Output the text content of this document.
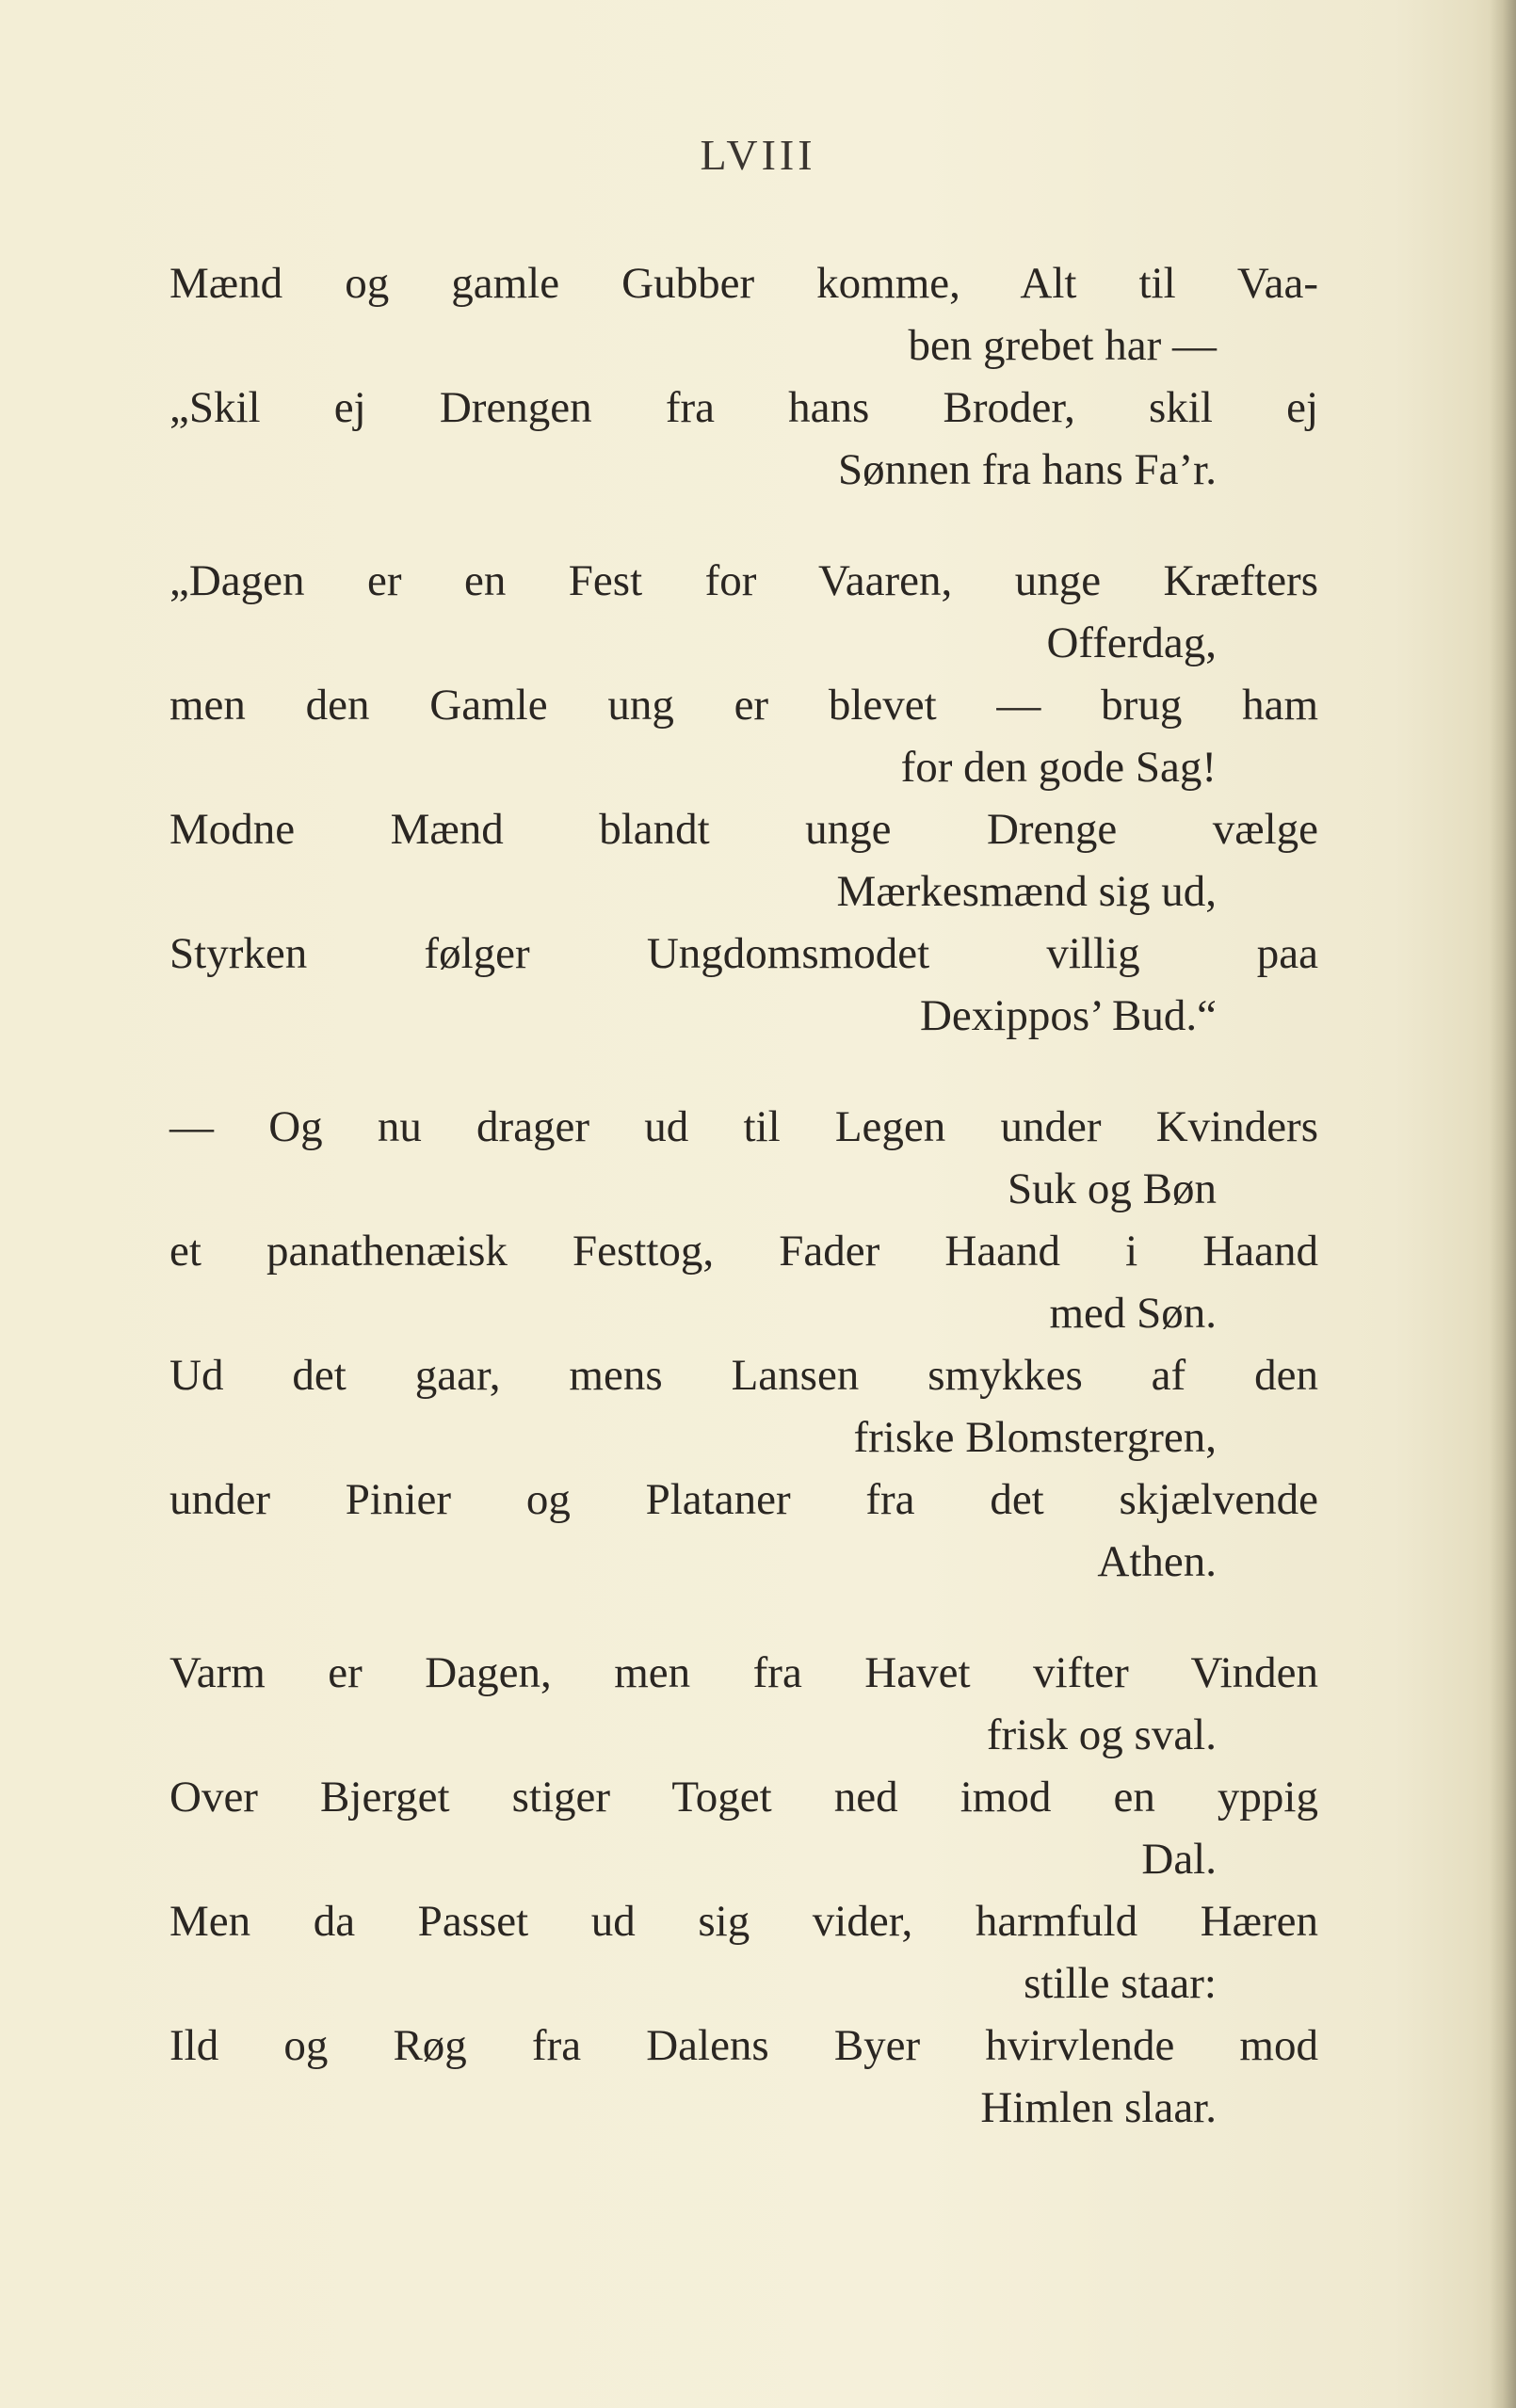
LVIII
Mænd og gamle Gubber komme, Alt til Vaa-
ben grebet har —
„Skil ej Drengen fra hans Broder, skil ej
Sønnen fra hans Fa’r.
„Dagen er en Fest for Vaaren, unge Kræfters
Offerdag,
men den Gamle ung er blevet — brug ham
for den gode Sag!
Modne Mænd blandt unge Drenge vælge
Mærkesmænd sig ud,
Styrken følger Ungdomsmodet villig paa
Dexippos’ Bud.“
— Og nu drager ud til Legen under Kvinders
Suk og Bøn
et panathenæisk Festtog, Fader Haand i Haand
med Søn.
Ud det gaar, mens Lansen smykkes af den
friske Blomstergren,
under Pinier og Plataner fra det skjælvende
Athen.
Varm er Dagen, men fra Havet vifter Vinden
frisk og sval.
Over Bjerget stiger Toget ned imod en yppig
Dal.
Men da Passet ud sig vider, harmfuld Hæren
stille staar:
Ild og Røg fra Dalens Byer hvirvlende mod
Himlen slaar.
